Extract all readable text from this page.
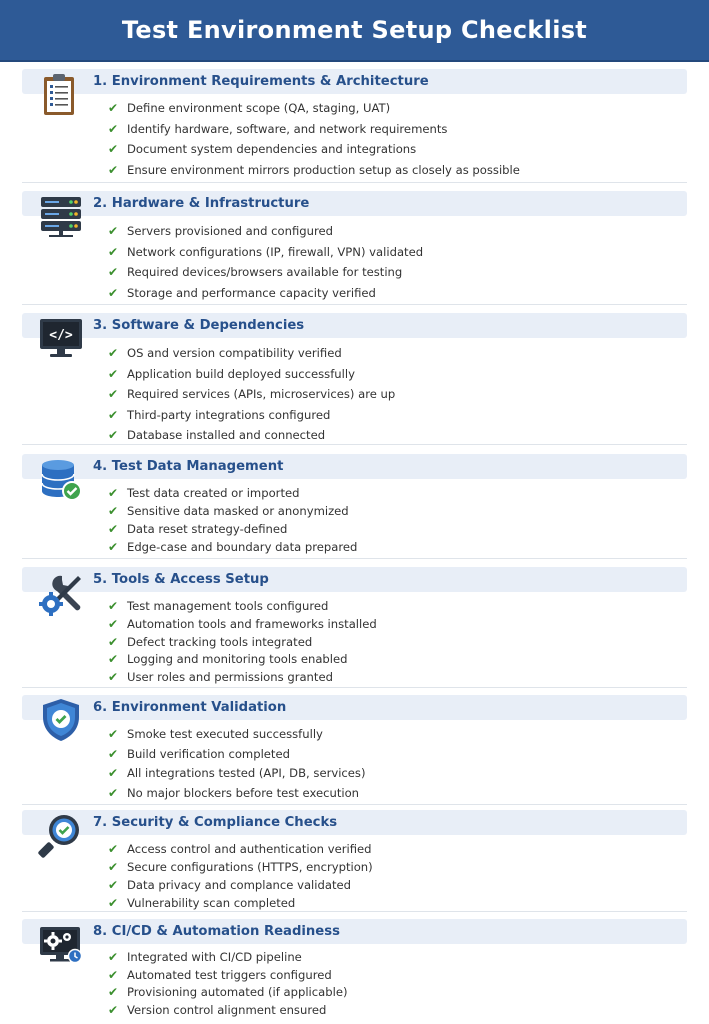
Test Environment Setup Checklist
1. Environment Requirements & Architecture
✔ Define environment scope (QA, staging, UAT)
✔ Identify hardware, software, and network requirements
✔ Document system dependencies and integrations
✔ Ensure environment mirrors production setup as closely as possible
2. Hardware & Infrastructure
✔ Servers provisioned and configured
✔ Network configurations (IP, firewall, VPN) validated
✔ Required devices/browsers available for testing
✔ Storage and performance capacity verified
</>
3. Software & Dependencies
✔ OS and version compatibility verified
✔ Application build deployed successfully
✔ Required services (APIs, microservices) are up
✔ Third-party integrations configured
✔ Database installed and connected
4. Test Data Management
✔ Test data created or imported
✔ Sensitive data masked or anonymized
✔ Data reset strategy-defined
✔ Edge-case and boundary data prepared
5. Tools & Access Setup
✔ Test management tools configured
✔ Automation tools and frameworks installed
✔ Defect tracking tools integrated
✔ Logging and monitoring tools enabled
✔ User roles and permissions granted
6. Environment Validation
✔ Smoke test executed successfully
✔ Build verification completed
✔ All integrations tested (API, DB, services)
✔ No major blockers before test execution
7. Security & Compliance Checks
✔ Access control and authentication verified
✔ Secure configurations (HTTPS, encryption)
✔ Data privacy and complance validated
✔ Vulnerability scan completed
8. CI/CD & Automation Readiness
✔ Integrated with CI/CD pipeline
✔ Automated test triggers configured
✔ Provisioning automated (if applicable)
✔ Version control alignment ensured
